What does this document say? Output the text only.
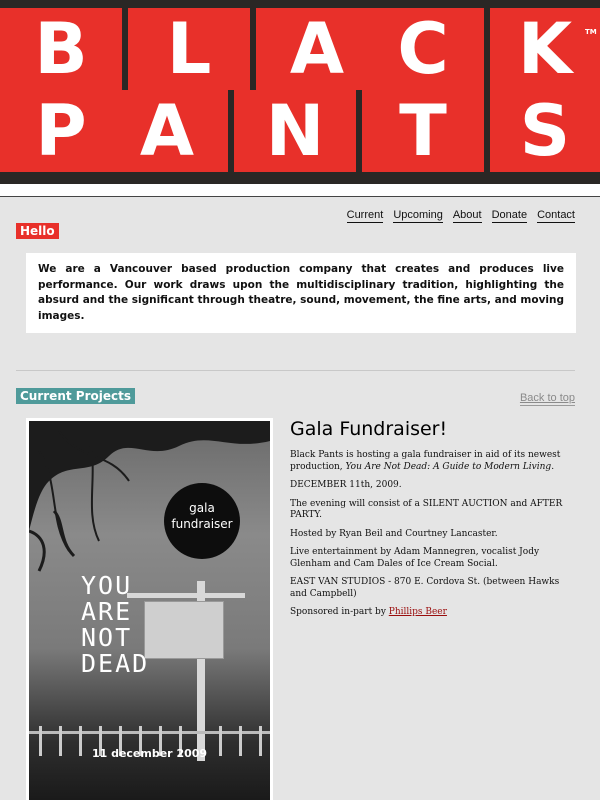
B	L	A C K	TM
P A	N	T	S
Current Upcoming About Donate Contact
Hello
We are a Vancouver based production company that creates and produces live performance. Our work draws upon the multidisciplinary tradition, highlighting the absurd and the significant through theatre, sound, movement, the fine arts, and moving images.
Current Projects	Back to top
gala
fundraiser
YOU
ARE
NOT
DEAD
11 december 2009
Gala Fundraiser!

Black Pants is hosting a gala fundraiser in aid of its newest production, You Are Not Dead: A Guide to Modern Living.

DECEMBER 11th, 2009.

The evening will consist of a SILENT AUCTION and AFTER PARTY.

Hosted by Ryan Beil and Courtney Lancaster.

Live entertainment by Adam Mannegren, vocalist Jody Glenham and Cam Dales of Ice Cream Social.

EAST VAN STUDIOS - 870 E. Cordova St. (between Hawks and Campbell)

Sponsored in-part by Phillips Beer
